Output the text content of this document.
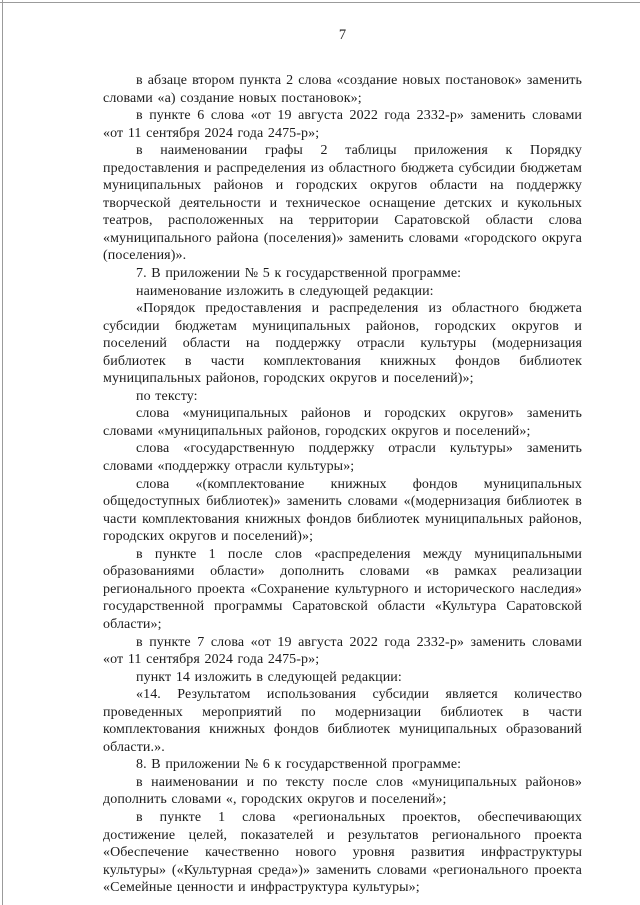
7

в абзаце втором пункта 2 слова «создание новых постановок» заменить словами «а) создание новых постановок»;

в пункте 6 слова «от 19 августа 2022 года 2332-р» заменить словами «от 11 сентября 2024 года 2475-р»;

в наименовании графы 2 таблицы приложения к Порядку предоставления и распределения из областного бюджета субсидии бюджетам муниципальных районов и городских округов области на поддержку творческой деятельности и техническое оснащение детских и кукольных театров, расположенных на территории Саратовской области слова «муниципального района (поселения)» заменить словами «городского округа (поселения)».

7. В приложении № 5 к государственной программе:

наименование изложить в следующей редакции:

«Порядок предоставления и распределения из областного бюджета субсидии бюджетам муниципальных районов, городских округов и поселений области на поддержку отрасли культуры (модернизация библиотек в части комплектования книжных фондов библиотек муниципальных районов, городских округов и поселений)»;

по тексту:

слова «муниципальных районов и городских округов» заменить словами «муниципальных районов, городских округов и поселений»;

слова «государственную поддержку отрасли культуры» заменить словами «поддержку отрасли культуры»;

слова «(комплектование книжных фондов муниципальных общедоступных библиотек)» заменить словами «(модернизация библиотек в части комплектования книжных фондов библиотек муниципальных районов, городских округов и поселений)»;

в пункте 1 после слов «распределения между муниципальными образованиями области» дополнить словами «в рамках реализации регионального проекта «Сохранение культурного и исторического наследия» государственной программы Саратовской области «Культура Саратовской области»;

в пункте 7 слова «от 19 августа 2022 года 2332-р» заменить словами «от 11 сентября 2024 года 2475-р»;

пункт 14 изложить в следующей редакции:

«14. Результатом использования субсидии является количество проведенных мероприятий по модернизации библиотек в части комплектования книжных фондов библиотек муниципальных образований области.».

8. В приложении № 6 к государственной программе:

в наименовании и по тексту после слов «муниципальных районов» дополнить словами «, городских округов и поселений»;

в пункте 1 слова «региональных проектов, обеспечивающих достижение целей, показателей и результатов регионального проекта «Обеспечение качественно нового уровня развития инфраструктуры культуры» («Культурная среда»)» заменить словами «регионального проекта «Семейные ценности и инфраструктура культуры»;
